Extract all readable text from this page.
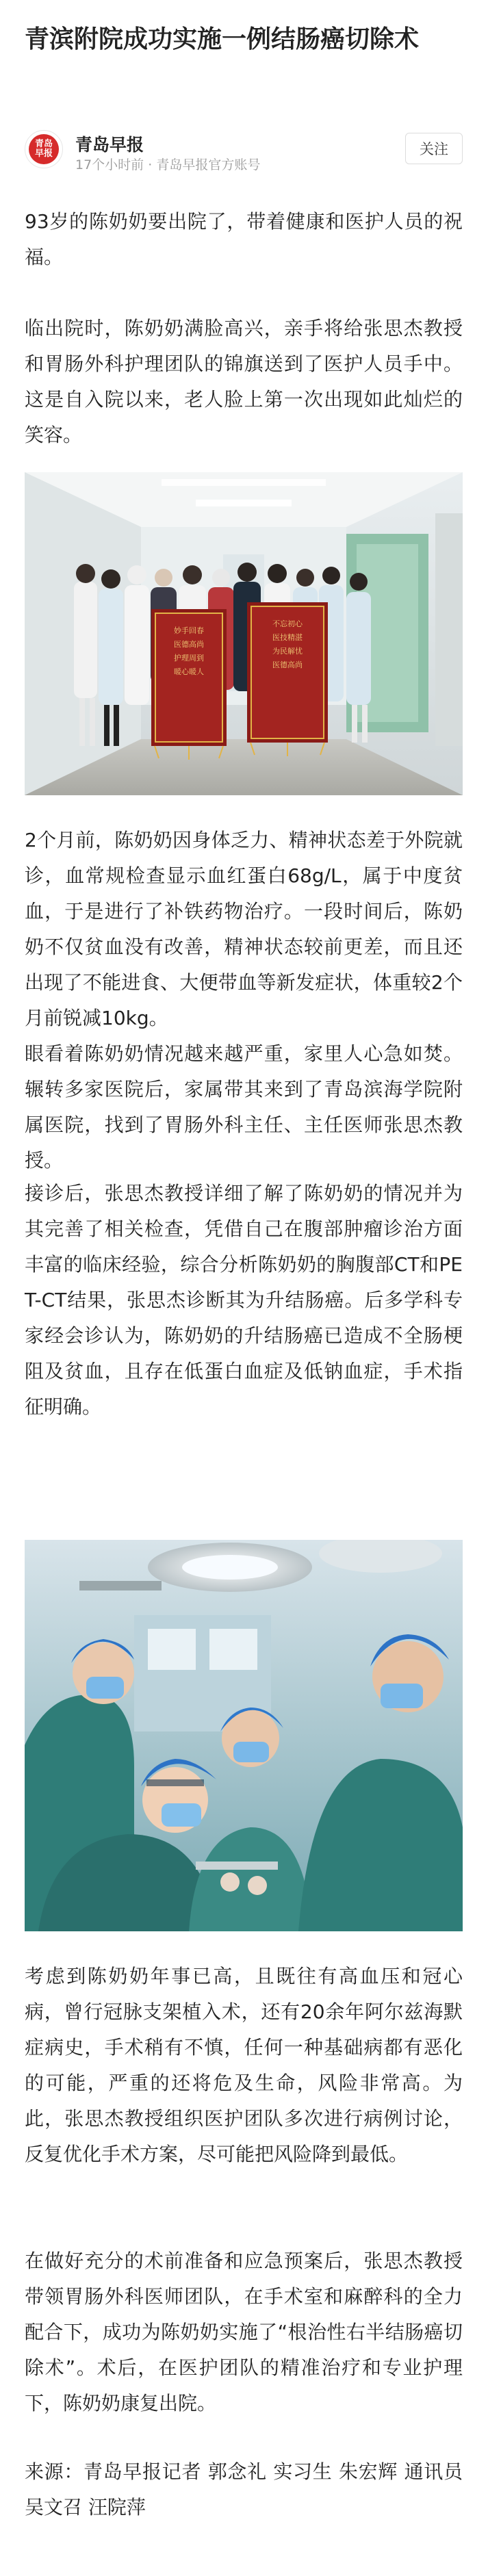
青滨附院成功实施一例结肠癌切除术
青岛早报 青岛早报
17个小时前 · 青岛早报官方账号
关注

93岁的陈奶奶要出院了，带着健康和医护人员的祝福。

临出院时，陈奶奶满脸高兴，亲手将给张思杰教授和胃肠外科护理团队的锦旗送到了医护人员手中。这是自入院以来，老人脸上第一次出现如此灿烂的笑容。

妙手回春
医德高尚
护理周到
暖心暖人
不忘初心
医技精湛
为民解忧
医德高尚

2个月前，陈奶奶因身体乏力、精神状态差于外院就诊，血常规检查显示血红蛋白68g/L，属于中度贫血，于是进行了补铁药物治疗。一段时间后，陈奶奶不仅贫血没有改善，精神状态较前更差，而且还出现了不能进食、大便带血等新发症状，体重较2个月前锐减10kg。

眼看着陈奶奶情况越来越严重，家里人心急如焚。辗转多家医院后，家属带其来到了青岛滨海学院附属医院，找到了胃肠外科主任、主任医师张思杰教授。

接诊后，张思杰教授详细了解了陈奶奶的情况并为其完善了相关检查，凭借自己在腹部肿瘤诊治方面丰富的临床经验，综合分析陈奶奶的胸腹部CT和PET-CT结果，张思杰诊断其为升结肠癌。后多学科专家经会诊认为，陈奶奶的升结肠癌已造成不全肠梗阻及贫血，且存在低蛋白血症及低钠血症，手术指征明确。

考虑到陈奶奶年事已高，且既往有高血压和冠心病，曾行冠脉支架植入术，还有20余年阿尔兹海默症病史，手术稍有不慎，任何一种基础病都有恶化的可能，严重的还将危及生命，风险非常高。为此，张思杰教授组织医护团队多次进行病例讨论，反复优化手术方案，尽可能把风险降到最低。

在做好充分的术前准备和应急预案后，张思杰教授带领胃肠外科医师团队，在手术室和麻醉科的全力配合下，成功为陈奶奶实施了“根治性右半结肠癌切除术”。术后，在医护团队的精准治疗和专业护理下，陈奶奶康复出院。

来源：青岛早报记者 郭念礼 实习生 朱宏辉 通讯员 吴文召 汪院萍
